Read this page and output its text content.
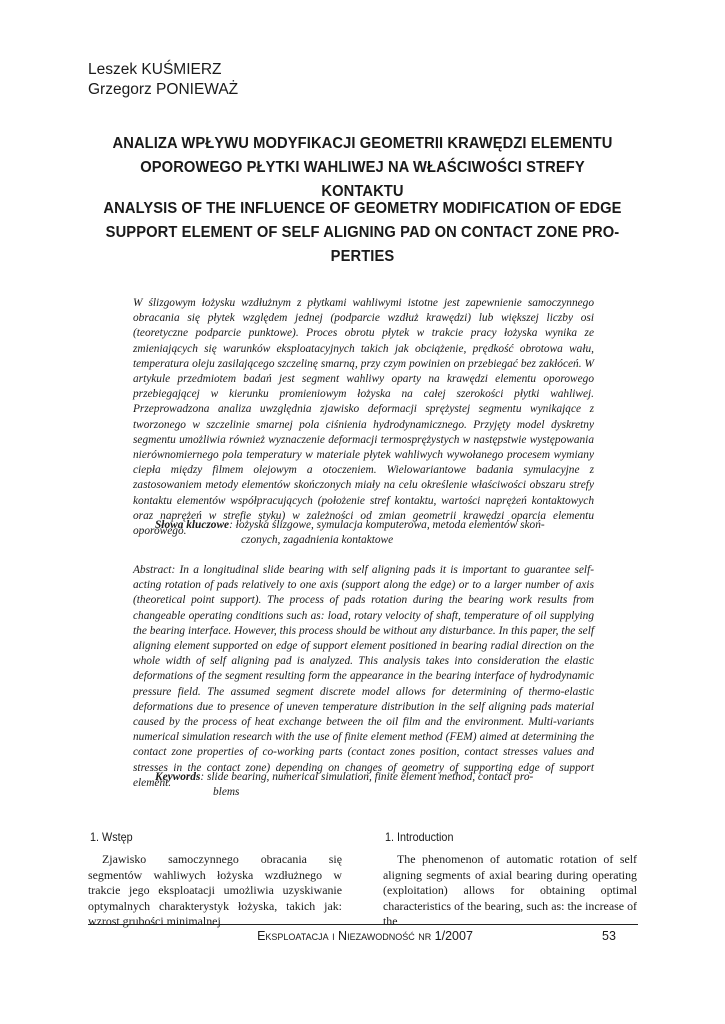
Leszek KUŚMIERZ
Grzegorz PONIEWAŻ
ANALIZA WPŁYWU MODYFIKACJI GEOMETRII KRAWĘDZI ELEMENTU
OPOROWEGO PŁYTKI WAHLIWEJ NA WŁAŚCIWOŚCI STREFY KONTAKTU
ANALYSIS OF THE INFLUENCE OF GEOMETRY MODIFICATION OF EDGE
SUPPORT ELEMENT OF SELF ALIGNING PAD ON CONTACT ZONE PRO-
PERTIES
W ślizgowym łożysku wzdłużnym z płytkami wahliwymi istotne jest zapewnienie samoczynnego obracania się płytek względem jednej (podparcie wzdłuż krawędzi) lub większej liczby osi (teoretyczne podparcie punktowe). Proces obrotu płytek w trakcie pracy łożyska wynika ze zmieniających się warunków eksploatacyjnych takich jak obciążenie, prędkość obrotowa wału, temperatura oleju zasilającego szczelinę smarną, przy czym powinien on przebiegać bez zakłóceń. W artykule przedmiotem badań jest segment wahliwy oparty na krawędzi elementu oporowego przebiegającej w kierunku promieniowym łożyska na całej szerokości płytki wahliwej. Przeprowadzona analiza uwzględnia zjawisko deformacji sprężystej segmentu wynikające z tworzonego w szczelinie smarnej pola ciśnienia hydrodynamicznego. Przyjęty model dyskretny segmentu umożliwia również wyznaczenie deformacji termosprężystych w następstwie występowania nierównomiernego pola temperatury w materiale płytek wahliwych wywołanego procesem wymiany ciepła między filmem olejowym a otoczeniem. Wielowariantowe badania symulacyjne z zastosowaniem metody elementów skończonych miały na celu określenie właściwości obszaru strefy kontaktu elementów współpracujących (położenie stref kontaktu, wartości naprężeń kontaktowych oraz naprężeń w strefie styku) w zależności od zmian geometrii krawędzi oparcia elementu oporowego.
Słowa kluczowe: łożyska ślizgowe, symulacja komputerowa, metoda elementów skoń-
czonych, zagadnienia kontaktowe
Abstract: In a longitudinal slide bearing with self aligning pads it is important to guarantee self-acting rotation of pads relatively to one axis (support along the edge) or to a larger number of axis (theoretical point support). The process of pads rotation during the bearing work results from changeable operating conditions such as: load, rotary velocity of shaft, temperature of oil supplying the bearing interface. However, this process should be without any disturbance. In this paper, the self aligning element supported on edge of support element positioned in bearing radial direction on the whole width of self aligning pad is analyzed. This analysis takes into consideration the elastic deformations of the segment resulting form the appearance in the bearing interface of hydrodynamic pressure field. The assumed segment discrete model allows for determining of thermo-elastic deformations due to presence of uneven temperature distribution in the self aligning pads material caused by the process of heat exchange between the oil film and the environment. Multi-variants numerical simulation research with the use of finite element method (FEM) aimed at determining the contact zone properties of co-working parts (contact zones position, contact stresses values and stresses in the contact zone) depending on changes of geometry of supporting edge of support element.
Keywords: slide bearing, numerical simulation, finite element method, contact pro-
blems
1. Wstęp	1. Introduction
Zjawisko samoczynnego obracania się segmentów wahliwych łożyska wzdłużnego w trakcie jego eksploatacji umożliwia uzyskiwanie optymalnych charakterystyk łożyska, takich jak: wzrost grubości minimalnej
The phenomenon of automatic rotation of self aligning segments of axial bearing during operating (exploitation) allows for obtaining optimal characteristics of the bearing, such as: the increase of the
Eksploatacja i Niezawodność nr 1/2007	53
